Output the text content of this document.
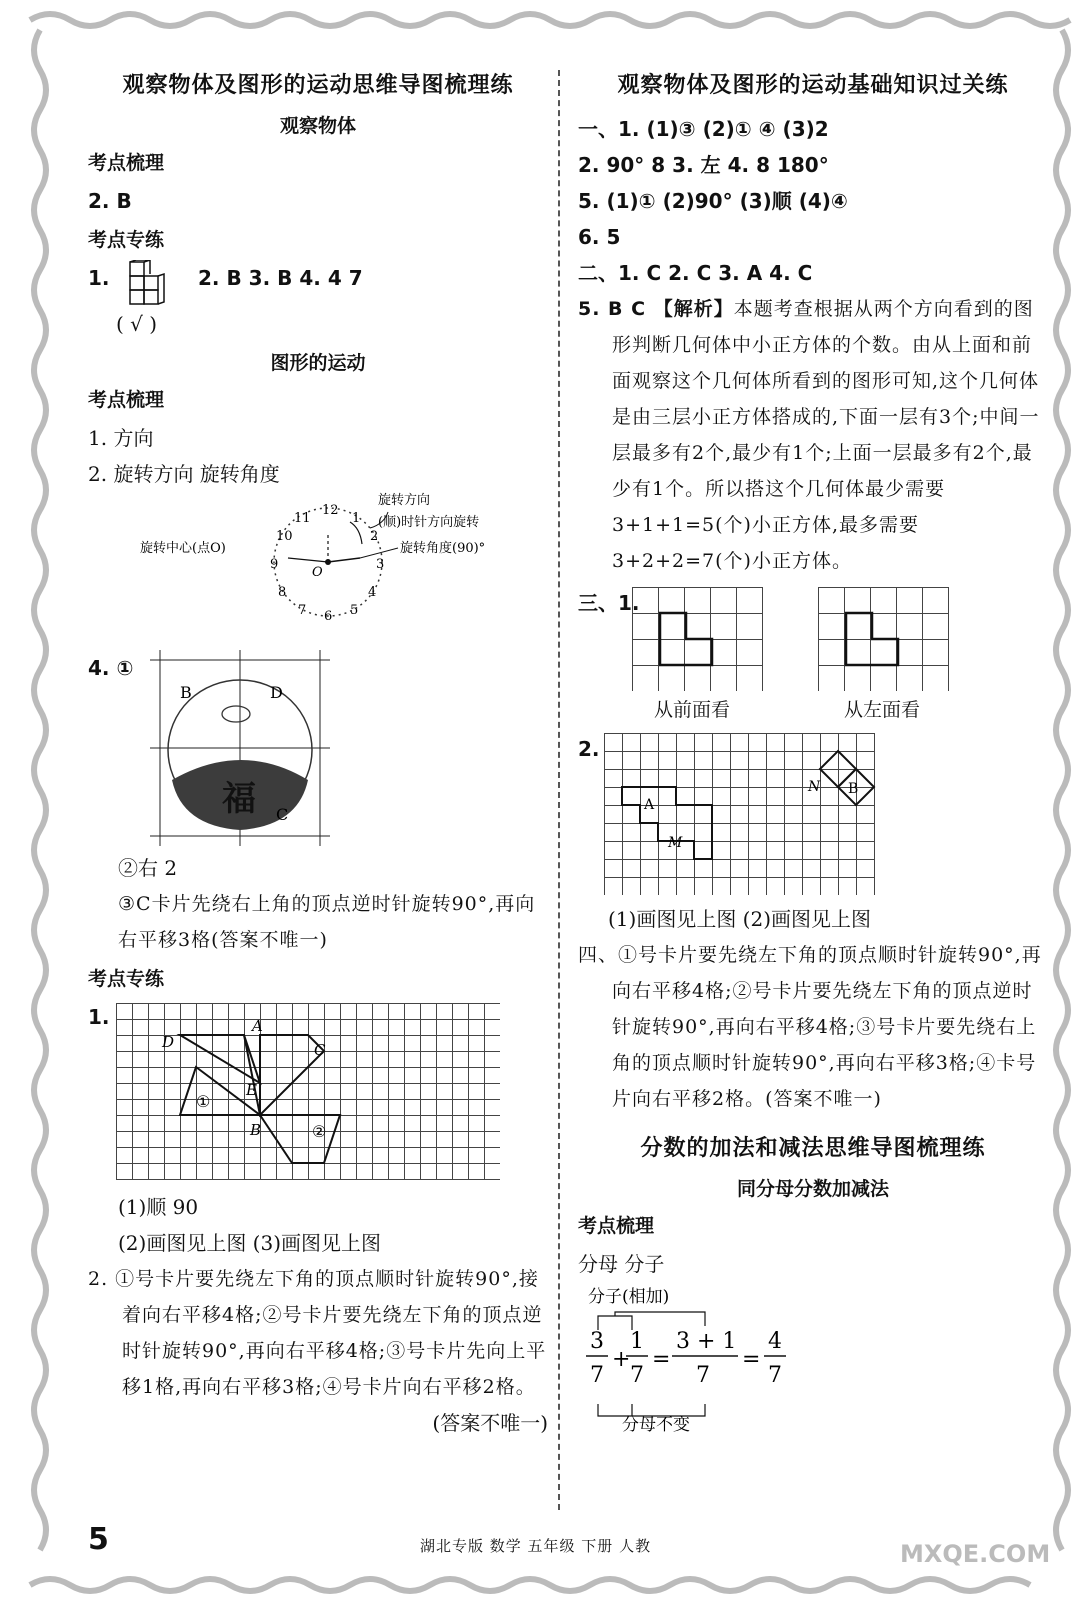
观察物体及图形的运动思维导图梳理练
观察物体
考点梳理
2. B
考点专练
1.
( √ )
2. B 3. B 4. 4 7
图形的运动
考点梳理
1. 方向
2. 旋转方向 旋转角度
旋转方向
(顺)时针方向旋转
旋转中心(点O)	旋转角度(90)°
O
12
1
2
3
4
5
6
7
8
9
10
11
4. ①
福
B	D
A	C
②右 2
③C卡片先绕右上角的顶点逆时针旋转90°,再向右平移3格(答案不唯一)
考点专练
1.	A
D	C
E
B
①
②
(1)顺 90
(2)画图见上图 (3)画图见上图
2. ①号卡片要先绕左下角的顶点顺时针旋转90°,接着向右平移4格;②号卡片要先绕左下角的顶点逆时针旋转90°,再向右平移4格;③号卡片先向上平移1格,再向右平移3格;④号卡片向右平移2格。
(答案不唯一)
观察物体及图形的运动基础知识过关练
一、1. (1)③ (2)① ④ (3)2
2. 90° 8 3. 左 4. 8 180°
5. (1)① (2)90° (3)顺 (4)④
6. 5
二、1. C 2. C 3. A 4. C
5. B C 【解析】本题考查根据从两个方向看到的图形判断几何体中小正方体的个数。由从上面和前面观察这个几何体所看到的图形可知,这个几何体是由三层小正方体搭成的,下面一层有3个;中间一层最多有2个,最少有1个;上面一层最多有2个,最少有1个。所以搭这个几何体最少需要3+1+1=5(个)小正方体,最多需要3+2+2=7(个)小正方体。
三、1.
从前面看	从左面看
2.
A
M
N B
(1)画图见上图 (2)画图见上图
四、①号卡片要先绕左下角的顶点顺时针旋转90°,再向右平移4格;②号卡片要先绕左下角的顶点逆时针旋转90°,再向右平移4格;③号卡片要先绕右上角的顶点顺时针旋转90°,再向右平移3格;④卡号片向右平移2格。(答案不唯一)
分数的加法和减法思维导图梳理练
同分母分数加减法
考点梳理
分母 分子
分子(相加)
3
7
+
1
7
=
3 + 1
7
=
4
7
分母不变
5	湖北专版 数学 五年级 下册 人教	MXQE.COM
